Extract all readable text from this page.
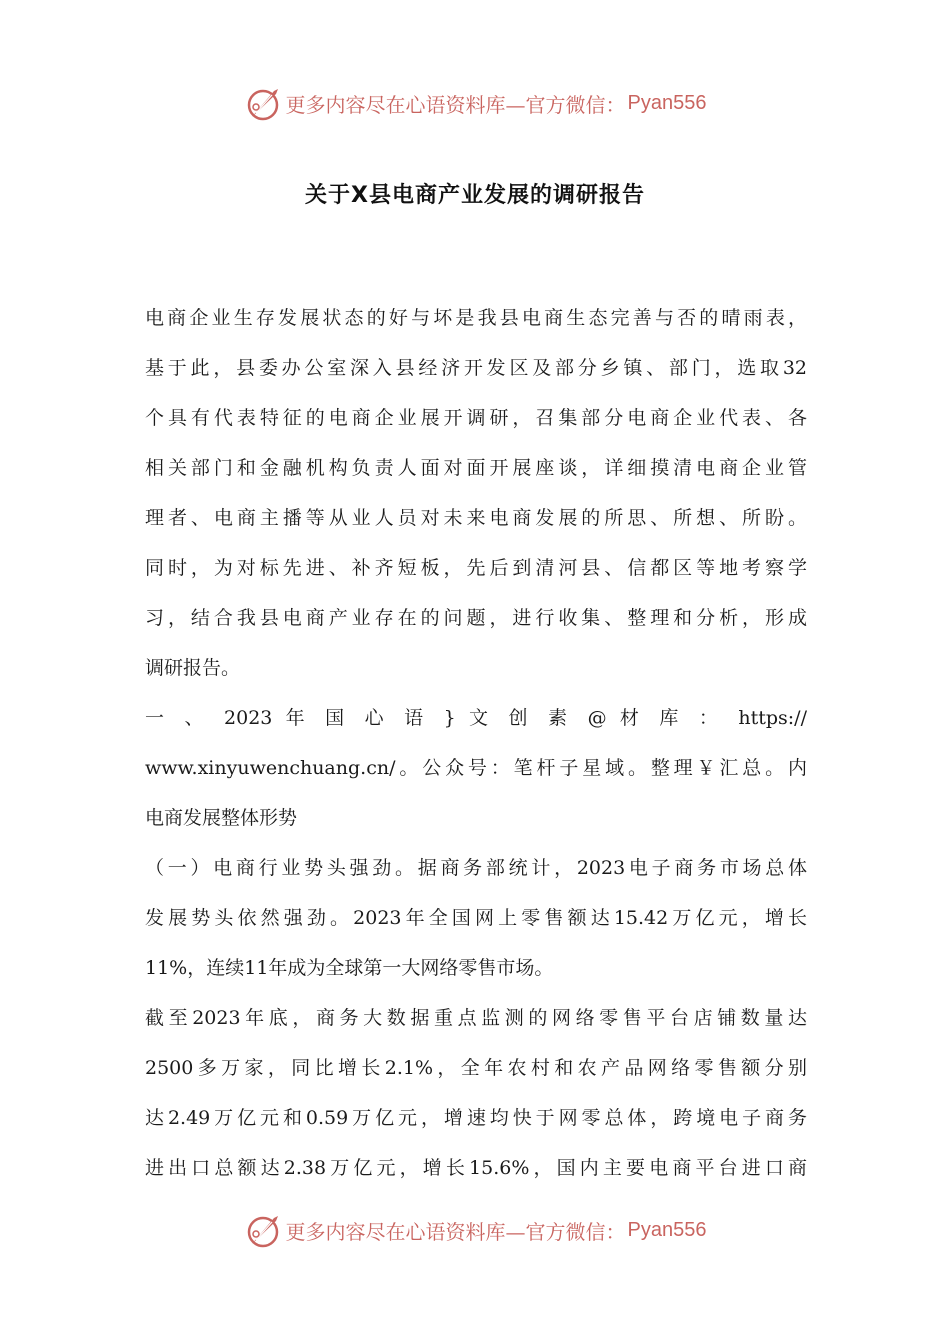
更多内容尽在心语资料库—官方微信： Pyan556
关于X县电商产业发展的调研报告
电商企业生存发展状态的好与坏是我县电商生态完善与否的晴雨表，
基于此，县委办公室深入县经济开发区及部分乡镇、部门，选取32
个具有代表特征的电商企业展开调研，召集部分电商企业代表、各
相关部门和金融机构负责人面对面开展座谈，详细摸清电商企业管
理者、电商主播等从业人员对未来电商发展的所思、所想、所盼。
同时，为对标先进、补齐短板，先后到清河县、信都区等地考察学
习，结合我县电商产业存在的问题，进行收集、整理和分析，形成
调研报告。
一 、 2023 年 国 心 语 } 文 创 素 @ 材 库 ： https://
www.xinyuwenchuang.cn/。公众号：笔杆子星域。整理￥汇总。内
电商发展整体形势
（一）电商行业势头强劲。据商务部统计，2023电子商务市场总体
发展势头依然强劲。2023年全国网上零售额达15.42万亿元，增长
11%，连续11年成为全球第一大网络零售市场。
截至2023年底，商务大数据重点监测的网络零售平台店铺数量达
2500多万家，同比增长2.1%，全年农村和农产品网络零售额分别
达2.49万亿元和0.59万亿元，增速均快于网零总体，跨境电子商务
进出口总额达2.38万亿元，增长15.6%，国内主要电商平台进口商
更多内容尽在心语资料库—官方微信： Pyan556
